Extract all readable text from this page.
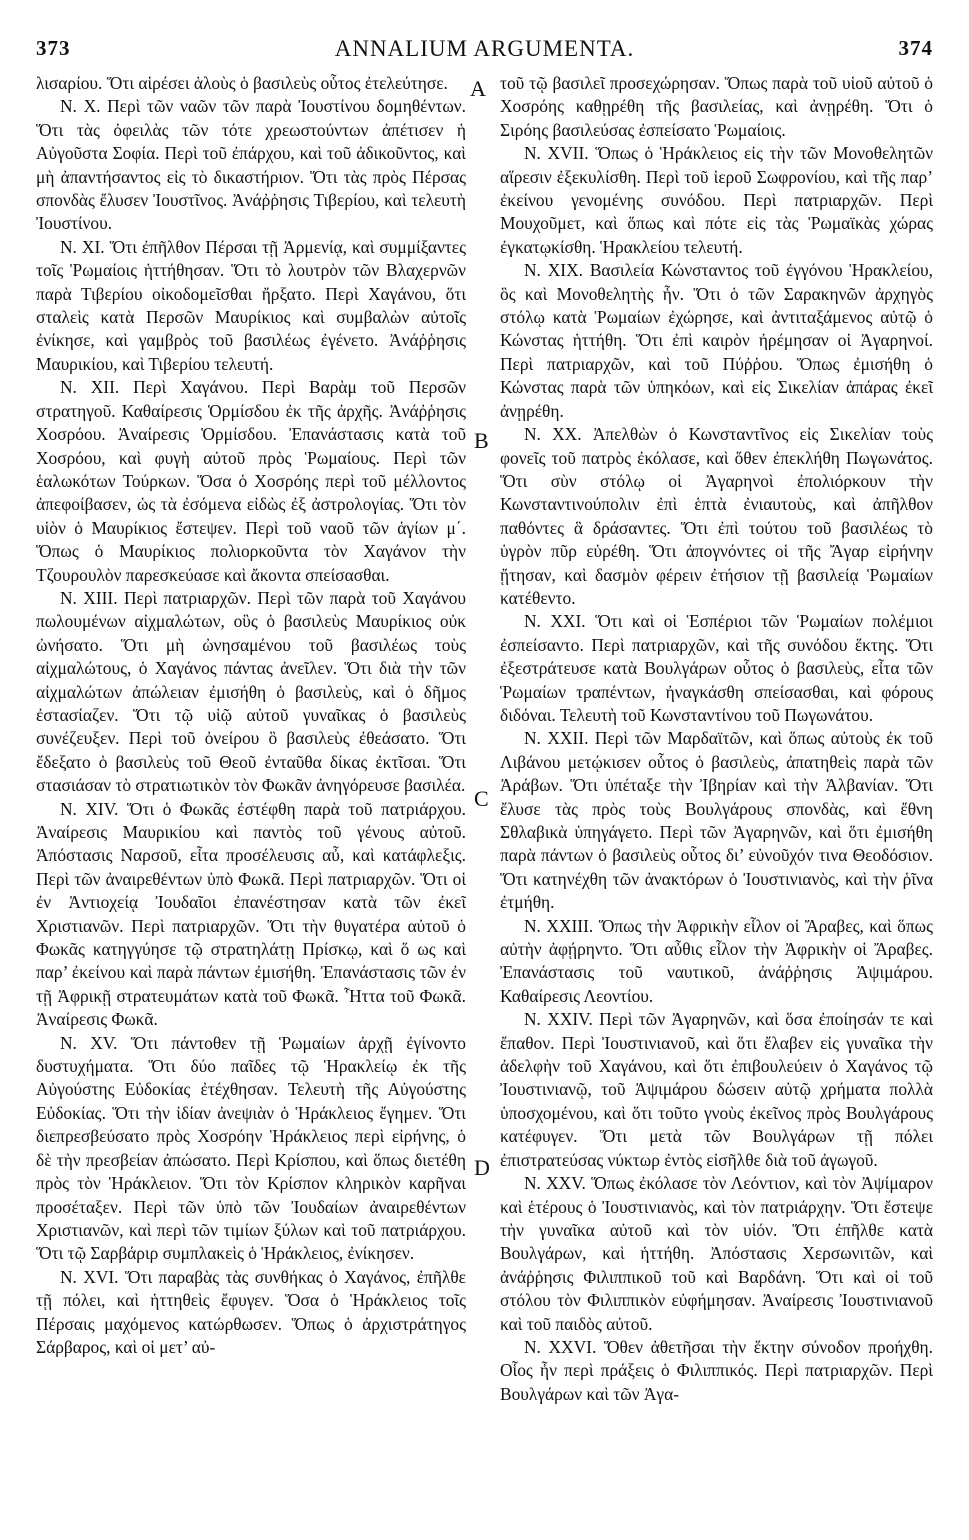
373	ANNALIUM ARGUMENTA.	374

λισαρίου. Ὅτι αἱρέσει ἁλοὺς ὁ βασιλεὺς οὗτος ἐτελεύτησε.

N. X. Περὶ τῶν ναῶν τῶν παρὰ Ἰουστίνου δομηθέντων. Ὅτι τὰς ὀφειλὰς τῶν τότε χρεωστούντων ἀπέτισεν ἡ Αὐγοῦστα Σοφία. Περὶ τοῦ ἐπάρχου, καὶ τοῦ ἀδικοῦντος, καὶ μὴ ἀπαντήσαντος εἰς τὸ δικαστήριον. Ὅτι τὰς πρὸς Πέρσας σπονδὰς ἔλυσεν Ἰουστῖνος. Ἀνάῤῥησις Τιβερίου, καὶ τελευτὴ Ἰουστίνου.

N. XI. Ὅτι ἐπῆλθον Πέρσαι τῇ Ἀρμενίᾳ, καὶ συμμίξαντες τοῖς Ῥωμαίοις ἡττήθησαν. Ὅτι τὸ λουτρὸν τῶν Βλαχερνῶν παρὰ Τιβερίου οἰκοδομεῖσθαι ἤρξατο. Περὶ Χαγάνου, ὅτι σταλεὶς κατὰ Περσῶν Μαυρίκιος καὶ συμβαλὼν αὐτοῖς ἐνίκησε, καὶ γαμβρὸς τοῦ βασιλέως ἐγένετο. Ἀνάῤῥησις Μαυρικίου, καὶ Τιβερίου τελευτή.

N. XII. Περὶ Χαγάνου. Περὶ Βαρὰμ τοῦ Περσῶν στρατηγοῦ. Καθαίρεσις Ὁρμίσδου ἐκ τῆς ἀρχῆς. Ἀνάῤῥησις Χοσρόου. Ἀναίρεσις Ὁρμίσδου. Ἐπανάστασις κατὰ τοῦ Χοσρόου, καὶ φυγὴ αὐτοῦ πρὸς Ῥωμαίους. Περὶ τῶν ἑαλωκότων Τούρκων. Ὅσα ὁ Χοσρόης περὶ τοῦ μέλλοντος ἀπεφοίβασεν, ὡς τὰ ἐσόμενα εἰδὼς ἐξ ἀστρολογίας. Ὅτι τὸν υἱὸν ὁ Μαυρίκιος ἔστεψεν. Περὶ τοῦ ναοῦ τῶν ἁγίων μ΄. Ὅπως ὁ Μαυρίκιος πολιορκοῦντα τὸν Χαγάνον τὴν Τζουρουλὸν παρεσκεύασε καὶ ἄκοντα σπείσασθαι.

N. XIII. Περὶ πατριαρχῶν. Περὶ τῶν παρὰ τοῦ Χαγάνου πωλουμένων αἰχμαλώτων, οὓς ὁ βασιλεὺς Μαυρίκιος οὐκ ὠνήσατο. Ὅτι μὴ ὠνησαμένου τοῦ βασιλέως τοὺς αἰχμαλώτους, ὁ Χαγάνος πάντας ἀνεῖλεν. Ὅτι διὰ τὴν τῶν αἰχμαλώτων ἀπώλειαν ἐμισήθη ὁ βασιλεὺς, καὶ ὁ δῆμος ἐστασίαζεν. Ὅτι τῷ υἱῷ αὐτοῦ γυναῖκας ὁ βασιλεὺς συνέζευξεν. Περὶ τοῦ ὀνείρου ὃ βασιλεὺς ἐθεάσατο. Ὅτι ἔδεξατο ὁ βασιλεὺς τοῦ Θεοῦ ἐνταῦθα δίκας ἐκτῖσαι. Ὅτι στασιάσαν τὸ στρατιωτικὸν τὸν Φωκᾶν ἀνηγόρευσε βασιλέα.

N. XIV. Ὅτι ὁ Φωκᾶς ἐστέφθη παρὰ τοῦ πατριάρχου. Ἀναίρεσις Μαυρικίου καὶ παντὸς τοῦ γένους αὐτοῦ. Ἀπόστασις Ναρσοῦ, εἶτα προσέλευσις αὖ, καὶ κατάφλεξις. Περὶ τῶν ἀναιρεθέντων ὑπὸ Φωκᾶ. Περὶ πατριαρχῶν. Ὅτι οἱ ἐν Ἀντιοχείᾳ Ἰουδαῖοι ἐπανέστησαν κατὰ τῶν ἐκεῖ Χριστιανῶν. Περὶ πατριαρχῶν. Ὅτι τὴν θυγατέρα αὐτοῦ ὁ Φωκᾶς κατηγγύησε τῷ στρατηλάτῃ Πρίσκῳ, καὶ ὅ ως καὶ παρ’ ἐκείνου καὶ παρὰ πάντων ἐμισήθη. Ἐπανάστασις τῶν ἐν τῇ Ἀφρικῇ στρατευμάτων κατὰ τοῦ Φωκᾶ. Ἧττα τοῦ Φωκᾶ. Ἀναίρεσις Φωκᾶ.

N. XV. Ὅτι πάντοθεν τῇ Ῥωμαίων ἀρχῇ ἐγίνοντο δυστυχήματα. Ὅτι δύο παῖδες τῷ Ἡρακλείῳ ἐκ τῆς Αὐγούστης Εὐδοκίας ἐτέχθησαν. Τελευτὴ τῆς Αὐγούστης Εὐδοκίας. Ὅτι τὴν ἰδίαν ἀνεψιὰν ὁ Ἡράκλειος ἔγημεν. Ὅτι διεπρεσβεύσατο πρὸς Χοσρόην Ἡράκλειος περὶ εἰρήνης, ὁ δὲ τὴν πρεσβείαν ἀπώσατο. Περὶ Κρίσπου, καὶ ὅπως διετέθη πρὸς τὸν Ἡράκλειον. Ὅτι τὸν Κρίσπον κληρικὸν καρῆναι προσέταξεν. Περὶ τῶν ὑπὸ τῶν Ἰουδαίων ἀναιρεθέντων Χριστιανῶν, καὶ περὶ τῶν τιμίων ξύλων καὶ τοῦ πατριάρχου. Ὅτι τῷ Σαρβάριρ συμπλακεὶς ὁ Ἡράκλειος, ἐνίκησεν.

N. XVI. Ὅτι παραβὰς τὰς συνθήκας ὁ Χαγάνος, ἐπῆλθε τῇ πόλει, καὶ ἡττηθεὶς ἔφυγεν. Ὅσα ὁ Ἡράκλειος τοῖς Πέρσαις μαχόμενος κατώρθωσεν. Ὅπως ὁ ἀρχιστράτηγος Σάρβαρος, καὶ οἱ μετ’ αὐ-

A
B
C
D

τοῦ τῷ βασιλεῖ προσεχώρησαν. Ὅπως παρὰ τοῦ υἱοῦ αὐτοῦ ὁ Χοσρόης καθῃρέθη τῆς βασιλείας, καὶ ἀνῃρέθη. Ὅτι ὁ Σιρόης βασιλεύσας ἐσπείσατο Ῥωμαίοις.

N. XVII. Ὅπως ὁ Ἡράκλειος εἰς τὴν τῶν Μονοθελητῶν αἵρεσιν ἐξεκυλίσθη. Περὶ τοῦ ἱεροῦ Σωφρονίου, καὶ τῆς παρ’ ἐκείνου γενομένης συνόδου. Περὶ πατριαρχῶν. Περὶ Μουχοῦμετ, καὶ ὅπως καὶ πότε εἰς τὰς Ῥωμαϊκὰς χώρας ἐγκατῳκίσθη. Ἡρακλείου τελευτή.

N. XIX. Βασιλεία Κώνσταντος τοῦ ἐγγόνου Ἡρακλείου, ὃς καὶ Μονοθελητὴς ἦν. Ὅτι ὁ τῶν Σαρακηνῶν ἀρχηγὸς στόλῳ κατὰ Ῥωμαίων ἐχώρησε, καὶ ἀντιταξάμενος αὐτῷ ὁ Κώνστας ἡττήθη. Ὅτι ἐπὶ καιρὸν ἠρέμησαν οἱ Ἀγαρηνοί. Περὶ πατριαρχῶν, καὶ τοῦ Πύῤῥου. Ὅπως ἐμισήθη ὁ Κώνστας παρὰ τῶν ὑπηκόων, καὶ εἰς Σικελίαν ἀπάρας ἐκεῖ ἀνῃρέθη.

N. XX. Ἀπελθὼν ὁ Κωνσταντῖνος εἰς Σικελίαν τοὺς φονεῖς τοῦ πατρὸς ἐκόλασε, καὶ ὅθεν ἐπεκλήθη Πωγωνάτος. Ὅτι σὺν στόλῳ οἱ Ἀγαρηνοὶ ἐπολιόρκουν τὴν Κωνσταντινούπολιν ἐπὶ ἑπτὰ ἐνιαυτοὺς, καὶ ἀπῆλθον παθόντες ἃ δράσαντες. Ὅτι ἐπὶ τούτου τοῦ βασιλέως τὸ ὑγρὸν πῦρ εὑρέθη. Ὅτι ἀπογνόντες οἱ τῆς Ἄγαρ εἰρήνην ᾔτησαν, καὶ δασμὸν φέρειν ἐτήσιον τῇ βασιλείᾳ Ῥωμαίων κατέθεντο.

N. XXI. Ὅτι καὶ οἱ Ἑσπέριοι τῶν Ῥωμαίων πολέμιοι ἐσπείσαντο. Περὶ πατριαρχῶν, καὶ τῆς συνόδου ἕκτης. Ὅτι ἐξεστράτευσε κατὰ Βουλγάρων οὗτος ὁ βασιλεὺς, εἶτα τῶν Ῥωμαίων τραπέντων, ἠναγκάσθη σπείσασθαι, καὶ φόρους διδόναι. Τελευτὴ τοῦ Κωνσταντίνου τοῦ Πωγωνάτου.

N. XXII. Περὶ τῶν Μαρδαϊτῶν, καὶ ὅπως αὐτοὺς ἐκ τοῦ Λιβάνου μετῴκισεν οὗτος ὁ βασιλεὺς, ἀπατηθεὶς παρὰ τῶν Ἀράβων. Ὅτι ὑπέταξε τὴν Ἰβηρίαν καὶ τὴν Ἀλβανίαν. Ὅτι ἔλυσε τὰς πρὸς τοὺς Βουλγάρους σπονδὰς, καὶ ἔθνη Σθλαβικὰ ὑπηγάγετο. Περὶ τῶν Ἀγαρηνῶν, καὶ ὅτι ἐμισήθη παρὰ πάντων ὁ βασιλεὺς οὗτος δι’ εὐνοῦχόν τινα Θεοδόσιον. Ὅτι κατηνέχθη τῶν ἀνακτόρων ὁ Ἰουστινιανὸς, καὶ τὴν ῥῖνα ἐτμήθη.

N. XXIII. Ὅπως τὴν Ἀφρικὴν εἷλον οἱ Ἄραβες, καὶ ὅπως αὐτὴν ἀφῄρηντο. Ὅτι αὖθις εἷλον τὴν Ἀφρικὴν οἱ Ἄραβες. Ἐπανάστασις τοῦ ναυτικοῦ, ἀνάῤῥησις Ἀψιμάρου. Καθαίρεσις Λεοντίου.

N. XXIV. Περὶ τῶν Ἀγαρηνῶν, καὶ ὅσα ἐποίησάν τε καὶ ἔπαθον. Περὶ Ἰουστινιανοῦ, καὶ ὅτι ἔλαβεν εἰς γυναῖκα τὴν ἀδελφὴν τοῦ Χαγάνου, καὶ ὅτι ἐπιβουλεύειν ὁ Χαγάνος τῷ Ἰουστινιανῷ, τοῦ Ἀψιμάρου δώσειν αὐτῷ χρήματα πολλὰ ὑποσχομένου, καὶ ὅτι τοῦτο γνοὺς ἐκεῖνος πρὸς Βουλγάρους κατέφυγεν. Ὅτι μετὰ τῶν Βουλγάρων τῇ πόλει ἐπιστρατεύσας νύκτωρ ἐντὸς εἰσῆλθε διὰ τοῦ ἀγωγοῦ.

N. XXV. Ὅπως ἐκόλασε τὸν Λεόντιον, καὶ τὸν Ἀψίμαρον καὶ ἑτέρους ὁ Ἰουστινιανὸς, καὶ τὸν πατριάρχην. Ὅτι ἔστεψε τὴν γυναῖκα αὐτοῦ καὶ τὸν υἱόν. Ὅτι ἐπῆλθε κατὰ Βουλγάρων, καὶ ἡττήθη. Ἀπόστασις Χερσωνιτῶν, καὶ ἀνάῤῥησις Φιλιππικοῦ τοῦ καὶ Βαρδάνη. Ὅτι καὶ οἱ τοῦ στόλου τὸν Φιλιππικὸν εὐφήμησαν. Ἀναίρεσις Ἰουστινιανοῦ καὶ τοῦ παιδὸς αὐτοῦ.

N. XXVI. Ὅθεν ἀθετῆσαι τὴν ἕκτην σύνοδον προήχθη. Οἷος ἦν περὶ πράξεις ὁ Φιλιππικός. Περὶ πατριαρχῶν. Περὶ Βουλγάρων καὶ τῶν Ἀγα-
